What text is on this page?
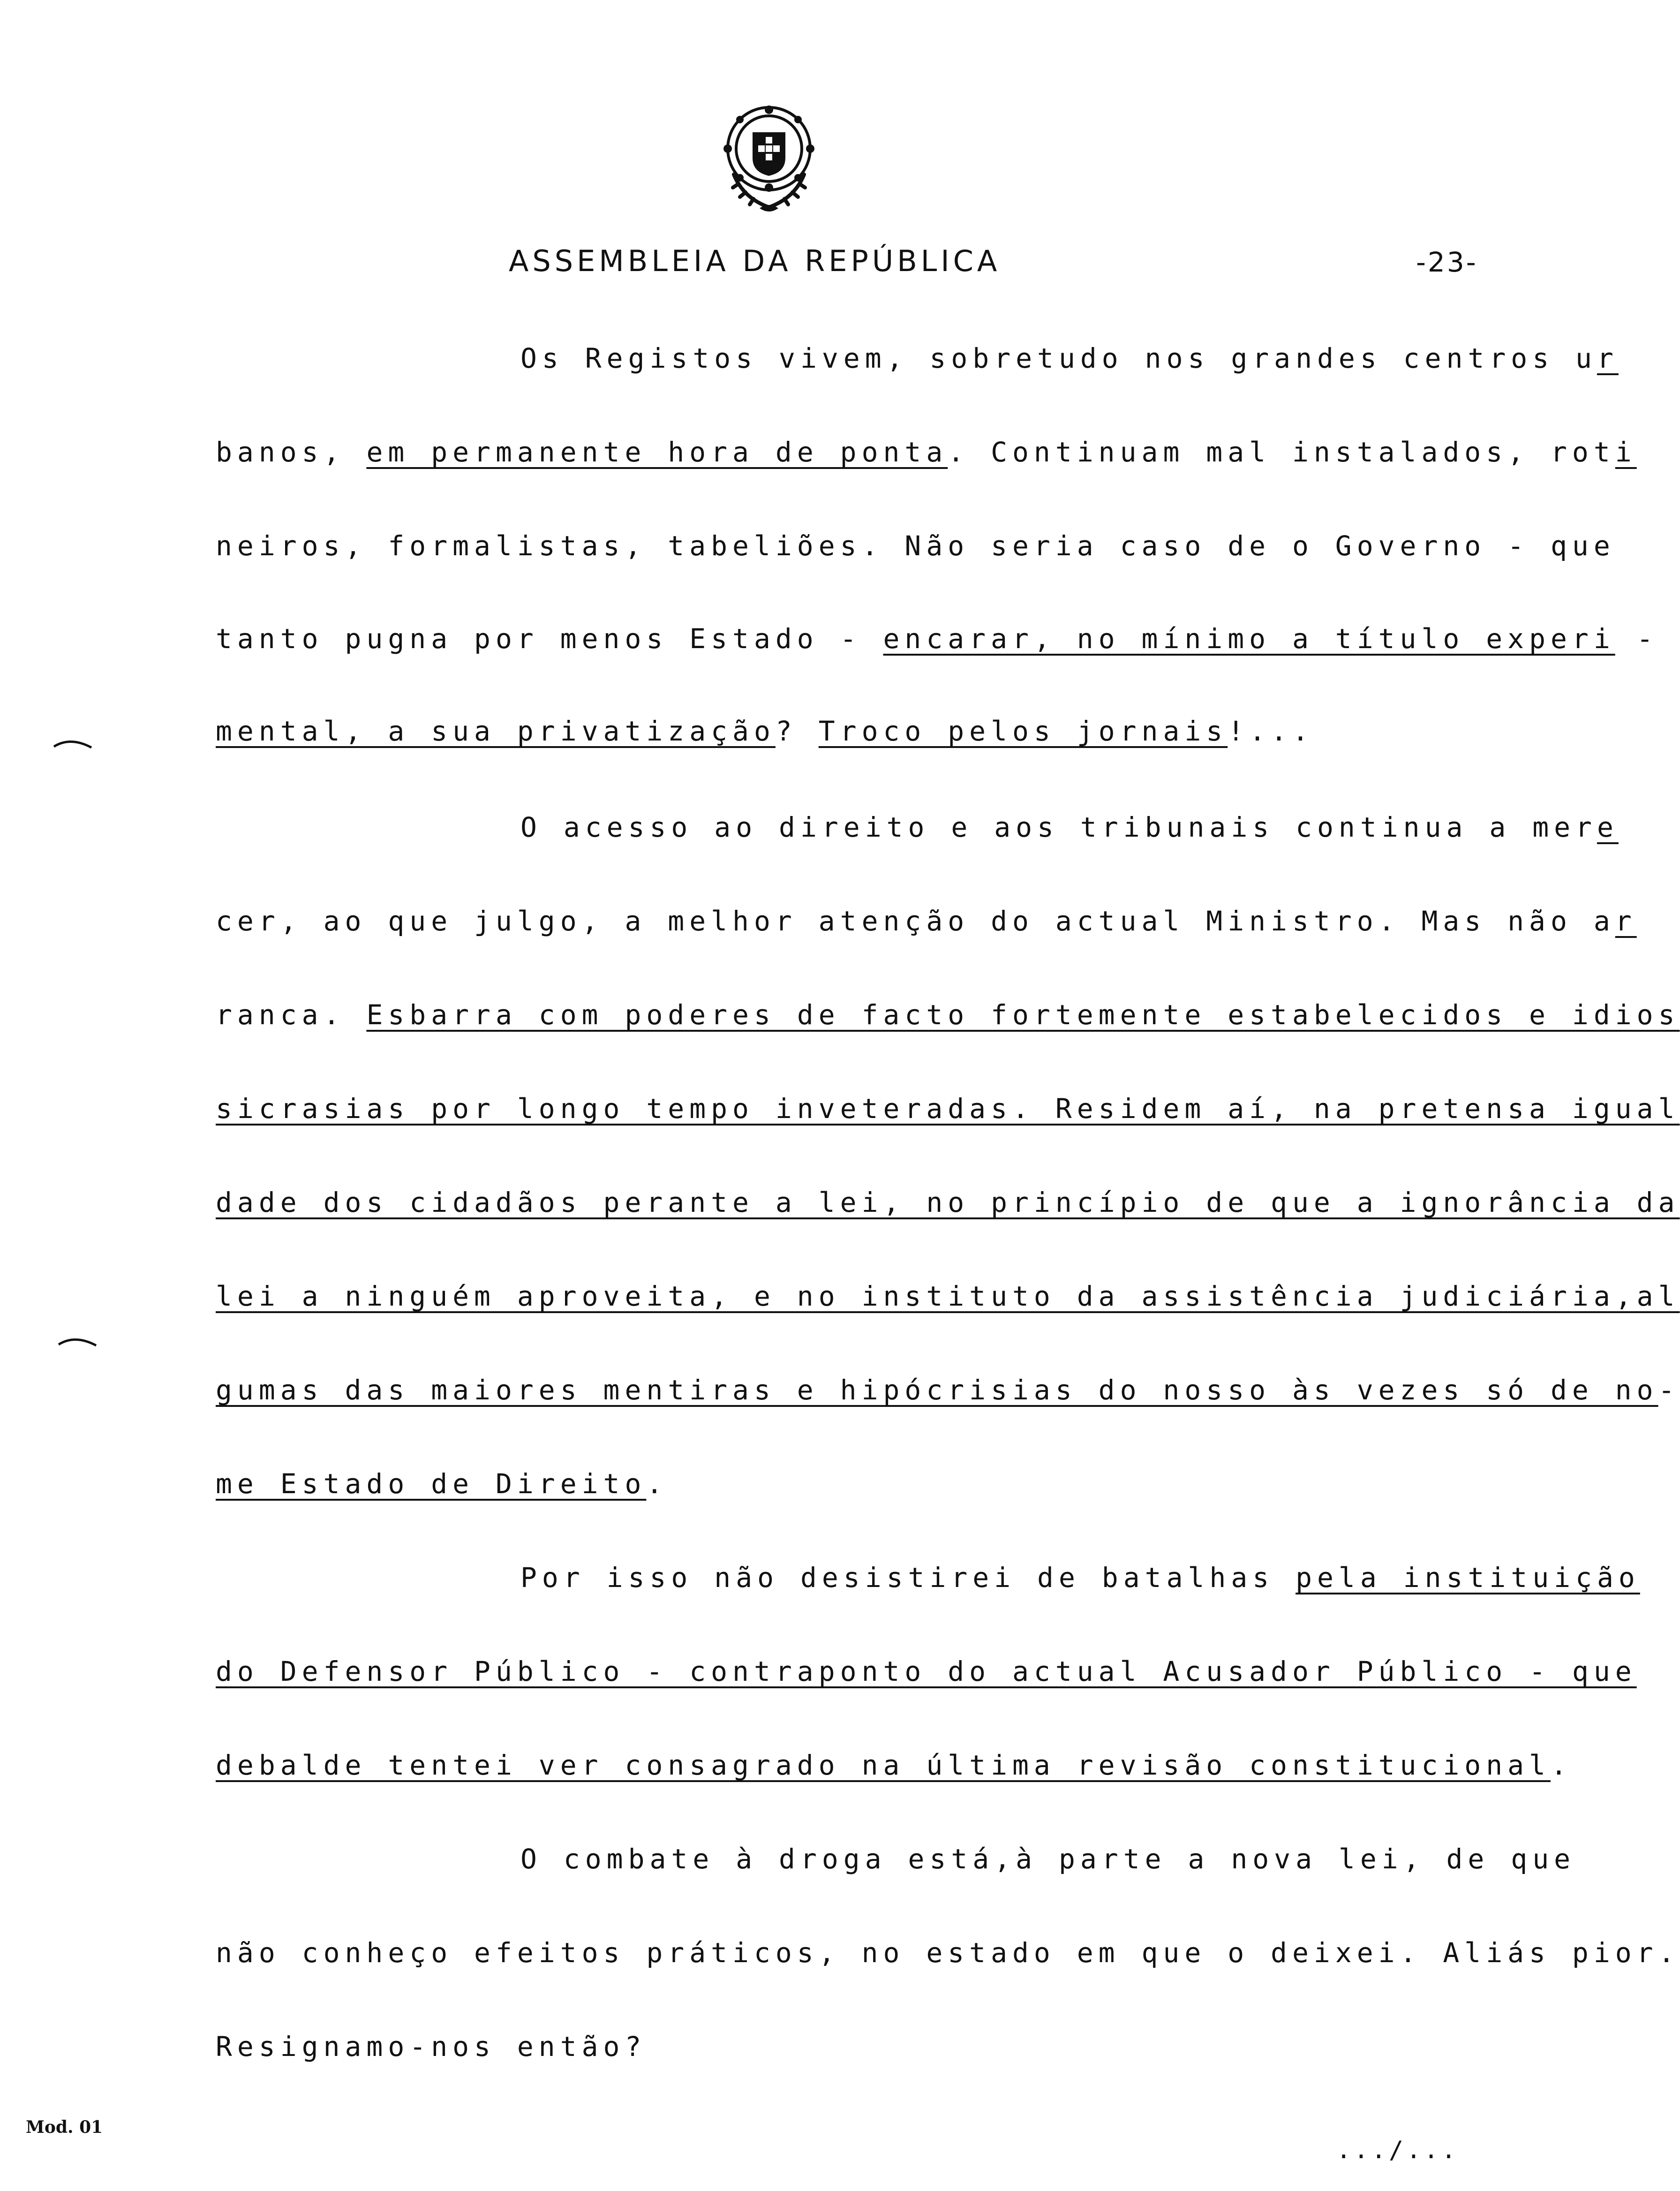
ASSEMBLEIA DA REPÚBLICA	-23-
Os Registos vivem, sobretudo nos grandes centros ur
banos, em permanente hora de ponta. Continuam mal instalados, roti
neiros, formalistas, tabeliões. Não seria caso de o Governo - que
tanto pugna por menos Estado - encarar, no mínimo a título experi -
mental, a sua privatização? Troco pelos jornais!...
O acesso ao direito e aos tribunais continua a mere
cer, ao que julgo, a melhor atenção do actual Ministro. Mas não ar
ranca. Esbarra com poderes de facto fortemente estabelecidos e idios
sicrasias por longo tempo inveteradas. Residem aí, na pretensa igual
dade dos cidadãos perante a lei, no princípio de que a ignorância da
lei a ninguém aproveita, e no instituto da assistência judiciária,al
gumas das maiores mentiras e hipócrisias do nosso às vezes só de no-
me Estado de Direito.
Por isso não desistirei de batalhas pela instituição
do Defensor Público - contraponto do actual Acusador Público - que
debalde tentei ver consagrado na última revisão constitucional.
O combate à droga está,à parte a nova lei, de que
não conheço efeitos práticos, no estado em que o deixei. Aliás pior.
Resignamo-nos então?
Mod. 01
.../...
